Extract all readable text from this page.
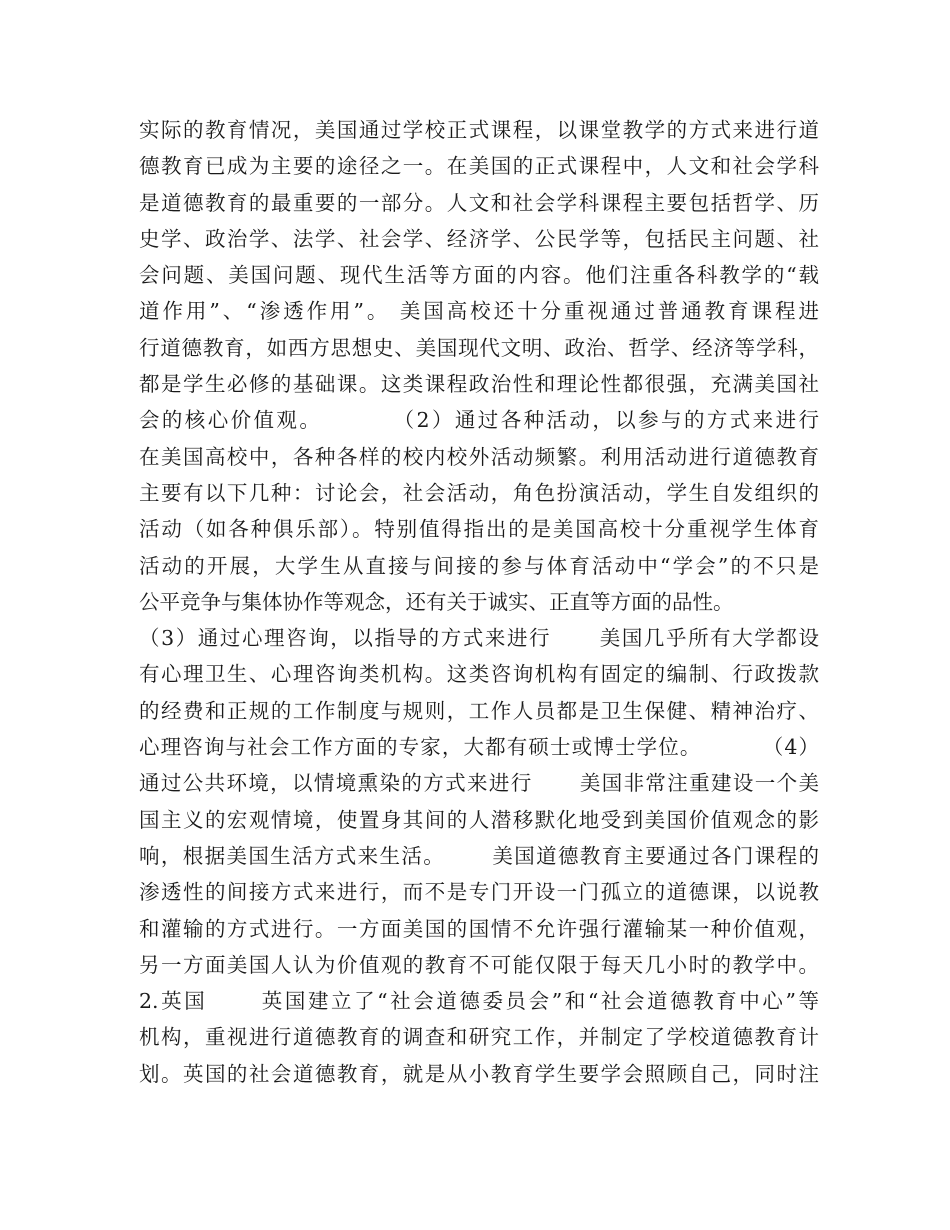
实际的教育情况，美国通过学校正式课程，以课堂教学的方式来进行道
德教育已成为主要的途径之一。在美国的正式课程中，人文和社会学科
是道德教育的最重要的一部分。人文和社会学科课程主要包括哲学、历
史学、政治学、法学、社会学、经济学、公民学等，包括民主问题、社
会问题、美国问题、现代生活等方面的内容。他们注重各科教学的“载
道作用”、“渗透作用”。 美国高校还十分重视通过普通教育课程进
行道德教育，如西方思想史、美国现代文明、政治、哲学、经济等学科，
都是学生必修的基础课。这类课程政治性和理论性都很强，充满美国社
会的核心价值观。        （2）通过各种活动，以参与的方式来进行
在美国高校中，各种各样的校内校外活动频繁。利用活动进行道德教育
主要有以下几种：讨论会，社会活动，角色扮演活动，学生自发组织的
活动（如各种俱乐部）。特别值得指出的是美国高校十分重视学生体育
活动的开展，大学生从直接与间接的参与体育活动中“学会”的不只是
公平竞争与集体协作等观念，还有关于诚实、正直等方面的品性。
（3）通过心理咨询，以指导的方式来进行      美国几乎所有大学都设
有心理卫生、心理咨询类机构。这类咨询机构有固定的编制、行政拨款
的经费和正规的工作制度与规则，工作人员都是卫生保健、精神治疗、
心理咨询与社会工作方面的专家，大都有硕士或博士学位。        （4）
通过公共环境，以情境熏染的方式来进行      美国非常注重建设一个美
国主义的宏观情境，使置身其间的人潜移默化地受到美国价值观念的影
响，根据美国生活方式来生活。      美国道德教育主要通过各门课程的
渗透性的间接方式来进行，而不是专门开设一门孤立的道德课，以说教
和灌输的方式进行。一方面美国的国情不允许强行灌输某一种价值观，
另一方面美国人认为价值观的教育不可能仅限于每天几小时的教学中。
2.英国      英国建立了“社会道德委员会”和“社会道德教育中心”等
机构，重视进行道德教育的调查和研究工作，并制定了学校道德教育计
划。英国的社会道德教育，就是从小教育学生要学会照顾自己，同时注
